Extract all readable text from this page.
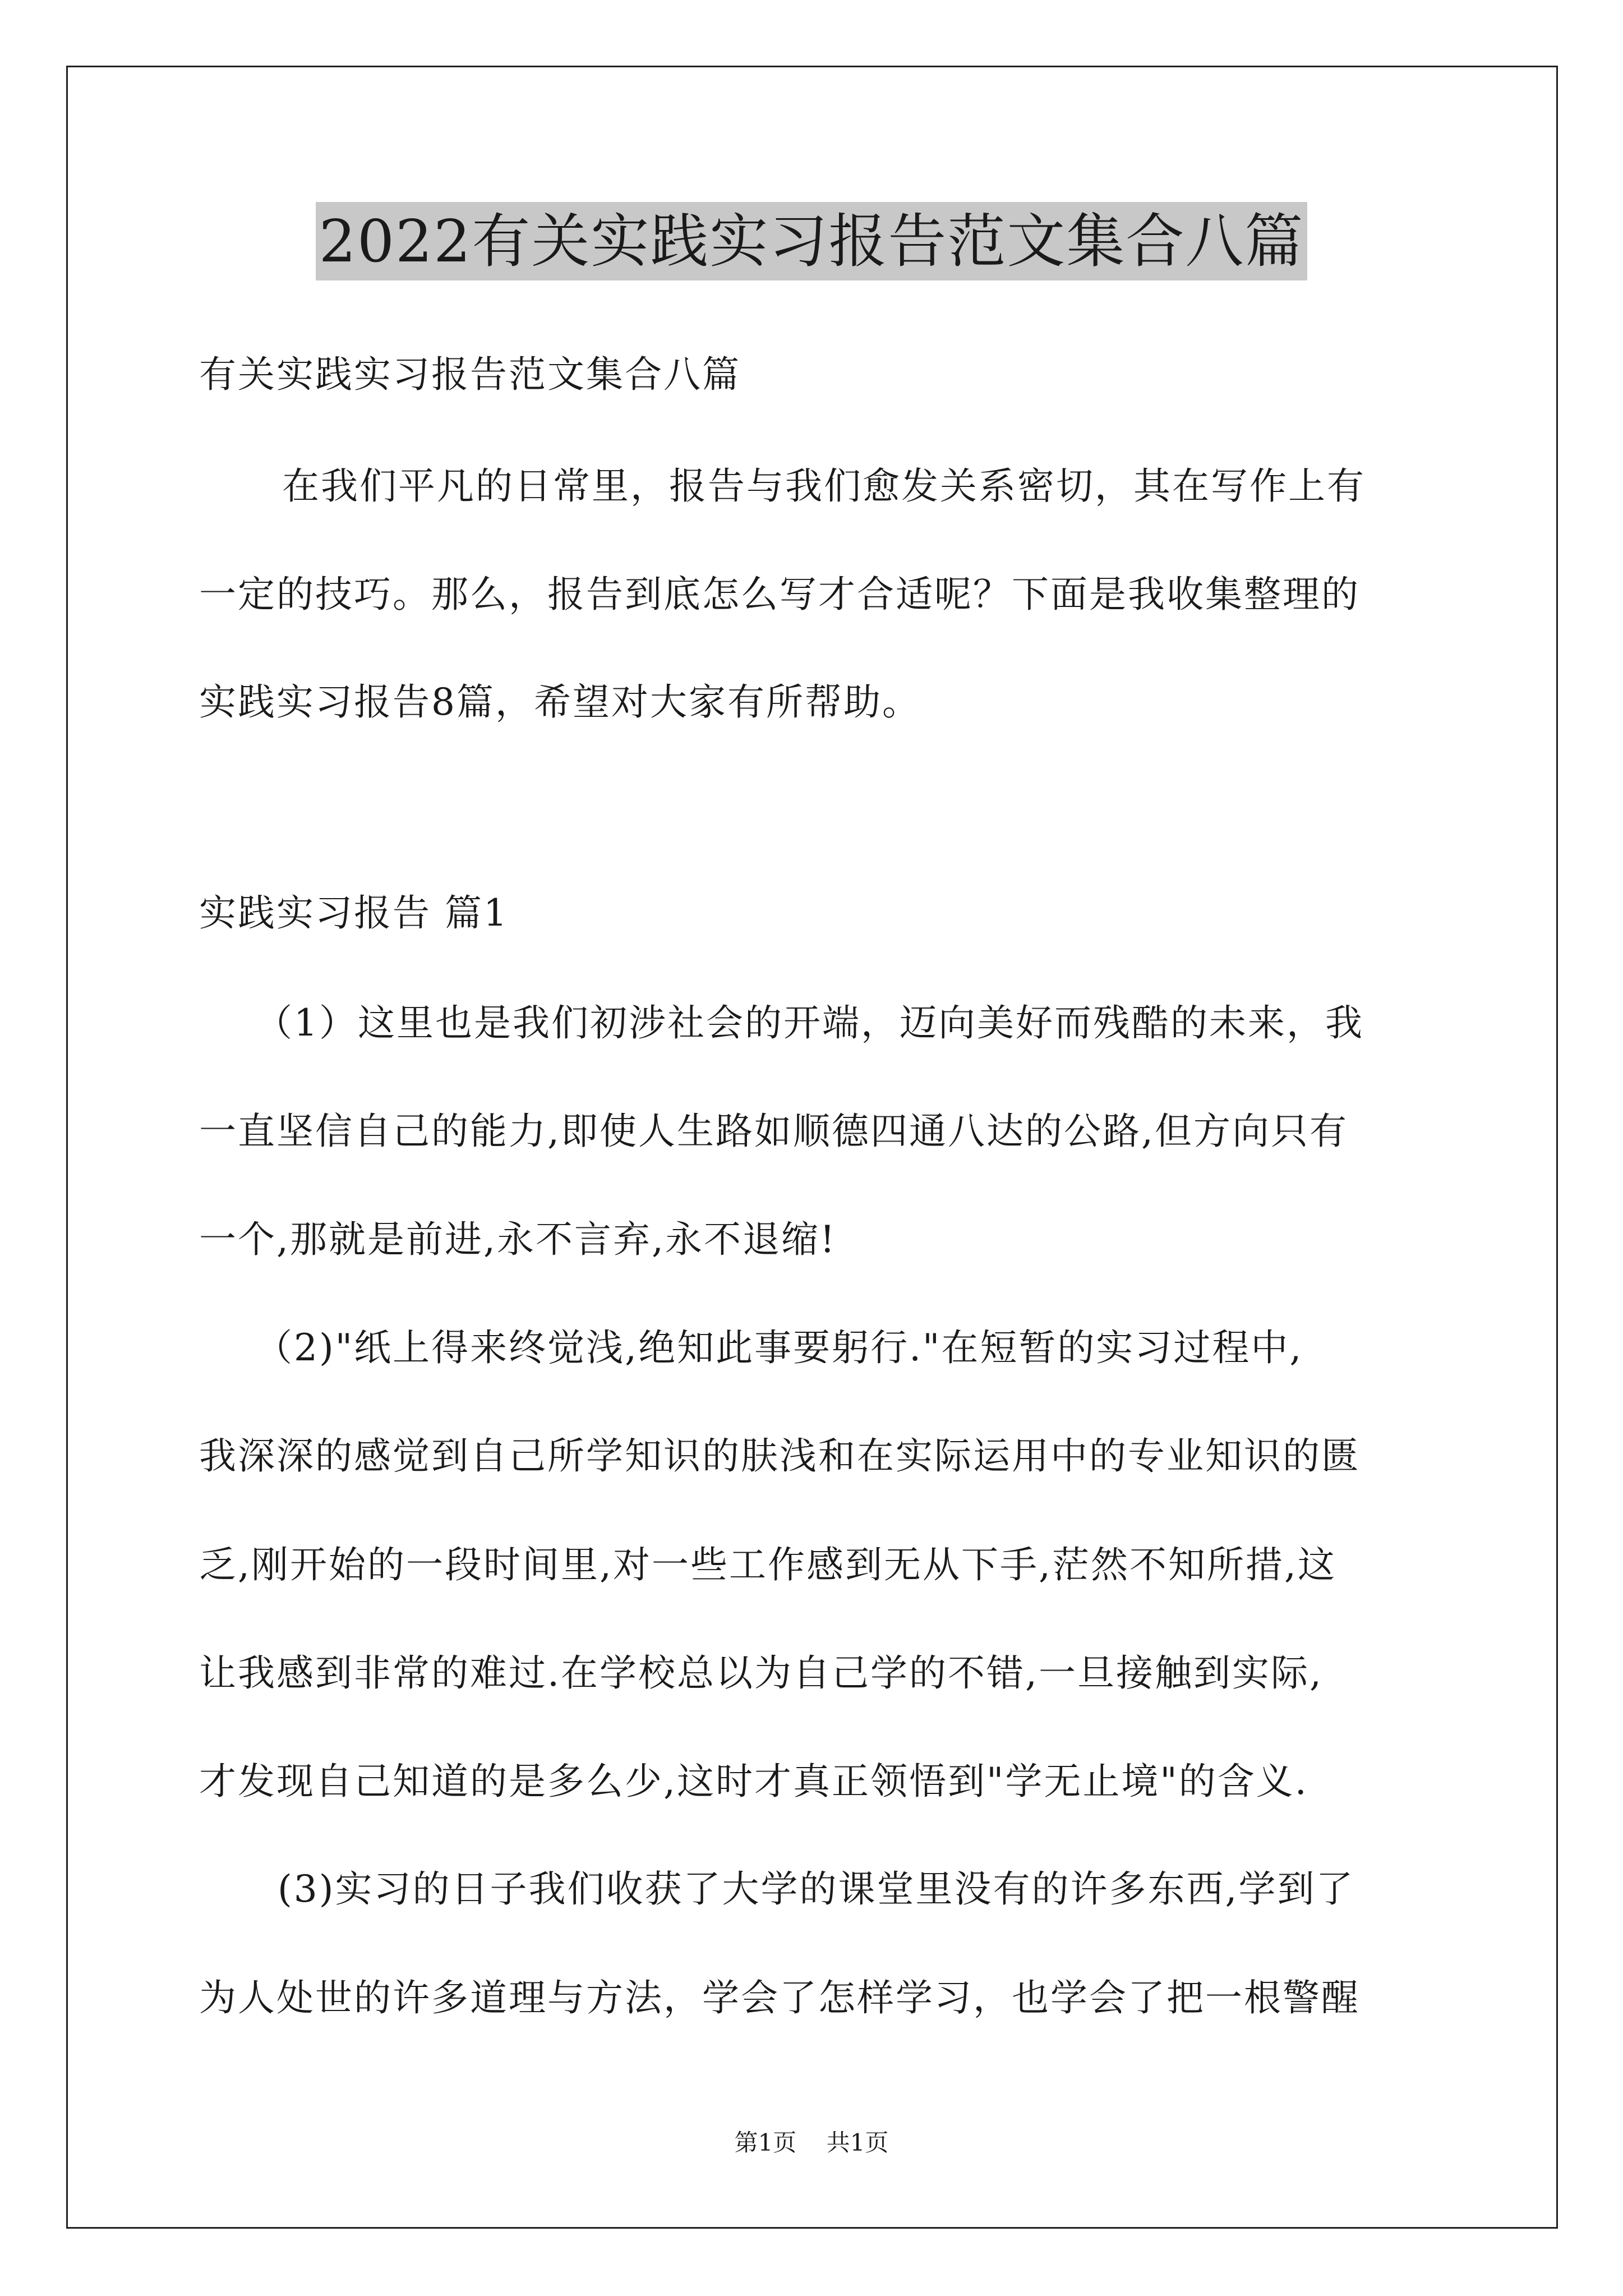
2022有关实践实习报告范文集合八篇
有关实践实习报告范文集合八篇
在我们平凡的日常里，报告与我们愈发关系密切，其在写作上有
一定的技巧。那么，报告到底怎么写才合适呢？下面是我收集整理的
实践实习报告8篇，希望对大家有所帮助。
实践实习报告 篇1
（1）这里也是我们初涉社会的开端，迈向美好而残酷的未来，我
一直坚信自己的能力,即使人生路如顺德四通八达的公路,但方向只有
一个,那就是前进,永不言弃,永不退缩!
（2)"纸上得来终觉浅,绝知此事要躬行."在短暂的实习过程中,
我深深的感觉到自己所学知识的肤浅和在实际运用中的专业知识的匮
乏,刚开始的一段时间里,对一些工作感到无从下手,茫然不知所措,这
让我感到非常的难过.在学校总以为自己学的不错,一旦接触到实际,
才发现自己知道的是多么少,这时才真正领悟到"学无止境"的含义.
(3)实习的日子我们收获了大学的课堂里没有的许多东西,学到了
为人处世的许多道理与方法，学会了怎样学习，也学会了把一根警醒
第1页 共1页
